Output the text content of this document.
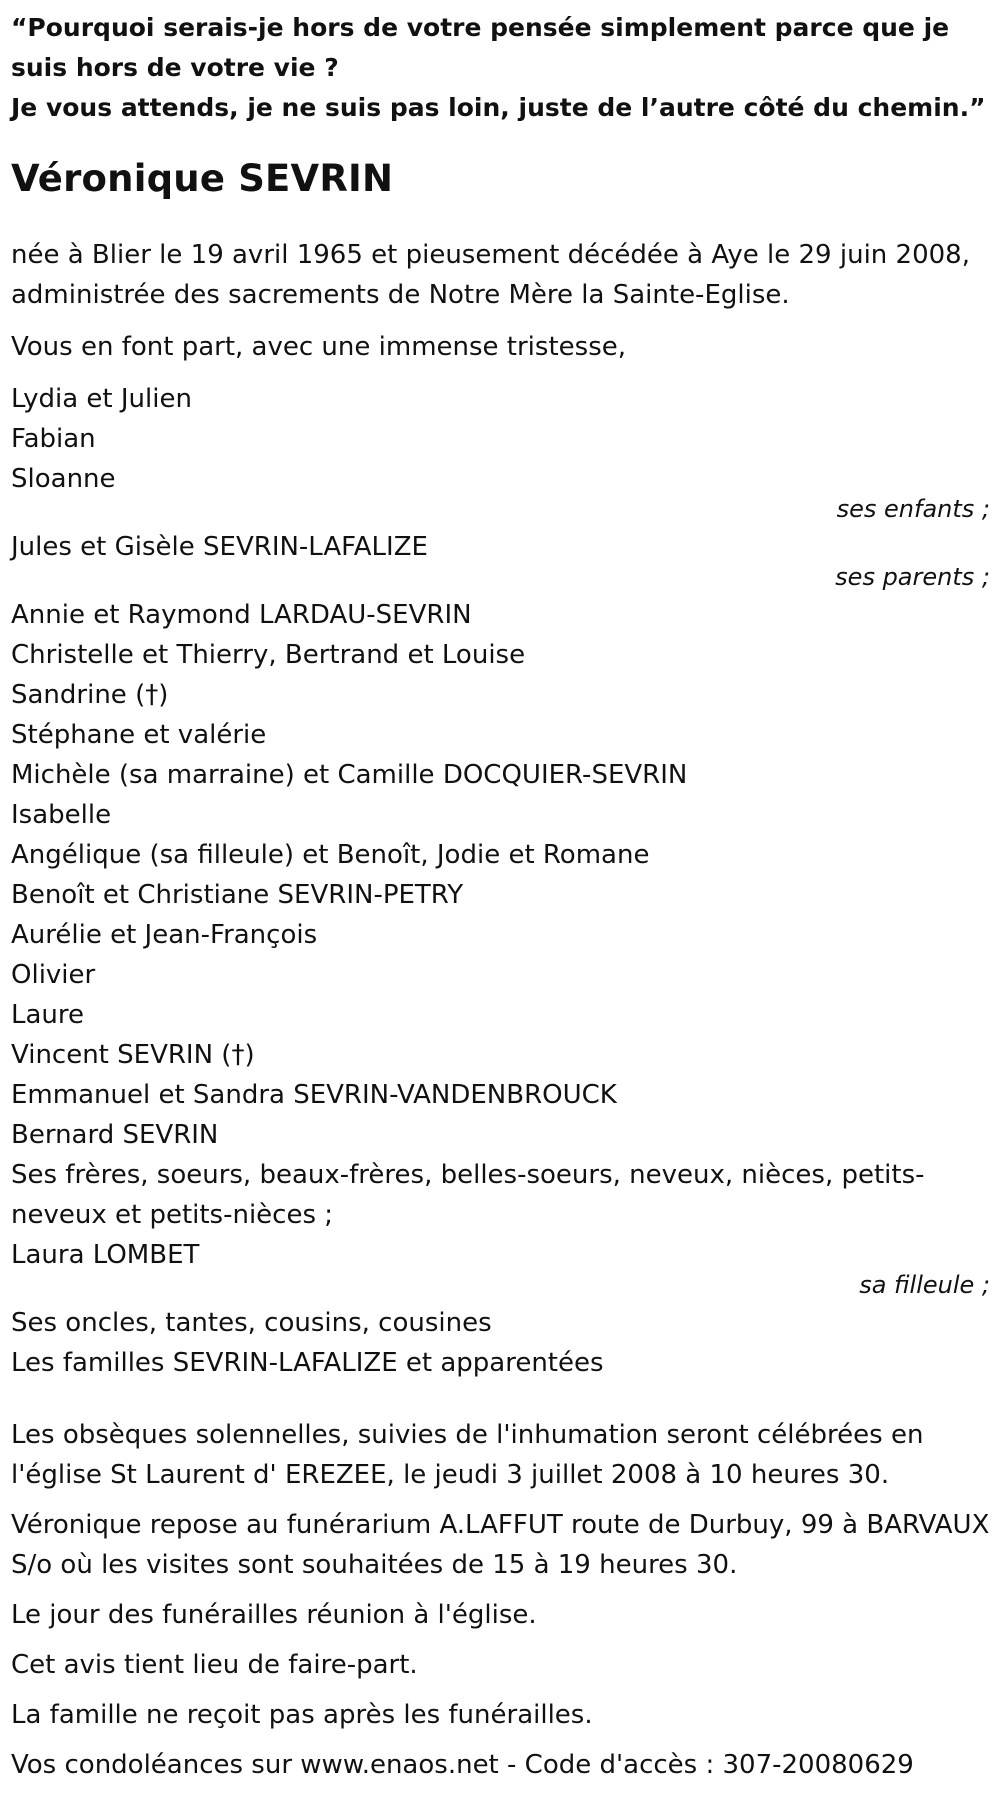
“Pourquoi serais-je hors de votre pensée simplement parce que je suis hors de votre vie ?

Je vous attends, je ne suis pas loin, juste de l’autre côté du chemin.”

Véronique SEVRIN

née à Blier le 19 avril 1965 et pieusement décédée à Aye le 29 juin 2008, administrée des sacrements de Notre Mère la Sainte-Eglise.

Vous en font part, avec une immense tristesse,

Lydia et Julien
Fabian
Sloanne
ses enfants ;
Jules et Gisèle SEVRIN-LAFALIZE
ses parents ;
Annie et Raymond LARDAU-SEVRIN
Christelle et Thierry, Bertrand et Louise
Sandrine (†)
Stéphane et valérie
Michèle (sa marraine) et Camille DOCQUIER-SEVRIN
Isabelle
Angélique (sa filleule) et Benoît, Jodie et Romane
Benoît et Christiane SEVRIN-PETRY
Aurélie et Jean-François
Olivier
Laure
Vincent SEVRIN (†)
Emmanuel et Sandra SEVRIN-VANDENBROUCK
Bernard SEVRIN
Ses frères, soeurs, beaux-frères, belles-soeurs, neveux, nièces, petits-neveux et petits-nièces ;
Laura LOMBET
sa filleule ;
Ses oncles, tantes, cousins, cousines
Les familles SEVRIN-LAFALIZE et apparentées

Les obsèques solennelles, suivies de l'inhumation seront célébrées en l'église St Laurent d' EREZEE, le jeudi 3 juillet 2008 à 10 heures 30.

Véronique repose au funérarium A.LAFFUT route de Durbuy, 99 à BARVAUX S/o où les visites sont souhaitées de 15 à 19 heures 30.

Le jour des funérailles réunion à l'église.

Cet avis tient lieu de faire-part.

La famille ne reçoit pas après les funérailles.

Vos condoléances sur www.enaos.net - Code d'accès : 307-20080629
